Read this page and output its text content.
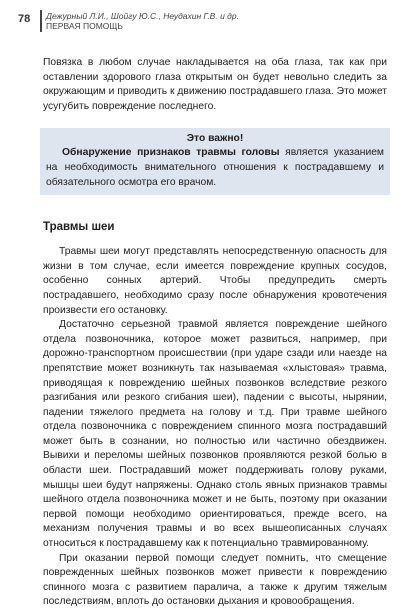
78 Дежурный Л.И., Шойгу Ю.С., Неудахин Г.В. и др.
ПЕРВАЯ ПОМОЩЬ

Повязка в любом случае накладывается на оба глаза, так как при оставлении здорового глаза открытым он будет невольно следить за окружающим и приводить к движению пострадавшего глаза. Это может усугубить повреждение последнего.

Это важно!
Обнаружение признаков травмы головы является указанием на необходимость внимательного отношения к пострадавшему и обязательного осмотра его врачом.
Травмы шеи

Травмы шеи могут представлять непосредственную опасность для жизни в том случае, если имеется повреждение крупных сосудов, особенно сонных артерий. Чтобы предупредить смерть пострадавшего, необходимо сразу после обнаружения кровотечения произвести его остановку.

Достаточно серьезной травмой является повреждение шейного отдела позвоночника, которое может развиться, например, при дорожно-транспортном происшествии (при ударе сзади или наезде на препятствие может возникнуть так называемая «хлыстовая» травма, приводящая к повреждению шейных позвонков вследствие резкого разгибания или резкого сгибания шеи), падении с высоты, нырянии, падении тяжелого предмета на голову и т.д. При травме шейного отдела позвоночника с повреждением спинного мозга пострадавший может быть в сознании, но полностью или частично обездвижен. Вывихи и переломы шейных позвонков проявляются резкой болью в области шеи. Пострадавший может поддерживать голову руками, мышцы шеи будут напряжены. Однако столь явных признаков травмы шейного отдела позвоночника может и не быть, поэтому при оказании первой помощи необходимо ориентироваться, прежде всего, на механизм получения травмы и во всех вышеописанных случаях относиться к пострадавшему как к потенциально травмированному.

При оказании первой помощи следует помнить, что смещение поврежденных шейных позвонков может привести к повреждению спинного мозга с развитием паралича, а также к другим тяжелым последствиям, вплоть до остановки дыхания и кровообращения.
